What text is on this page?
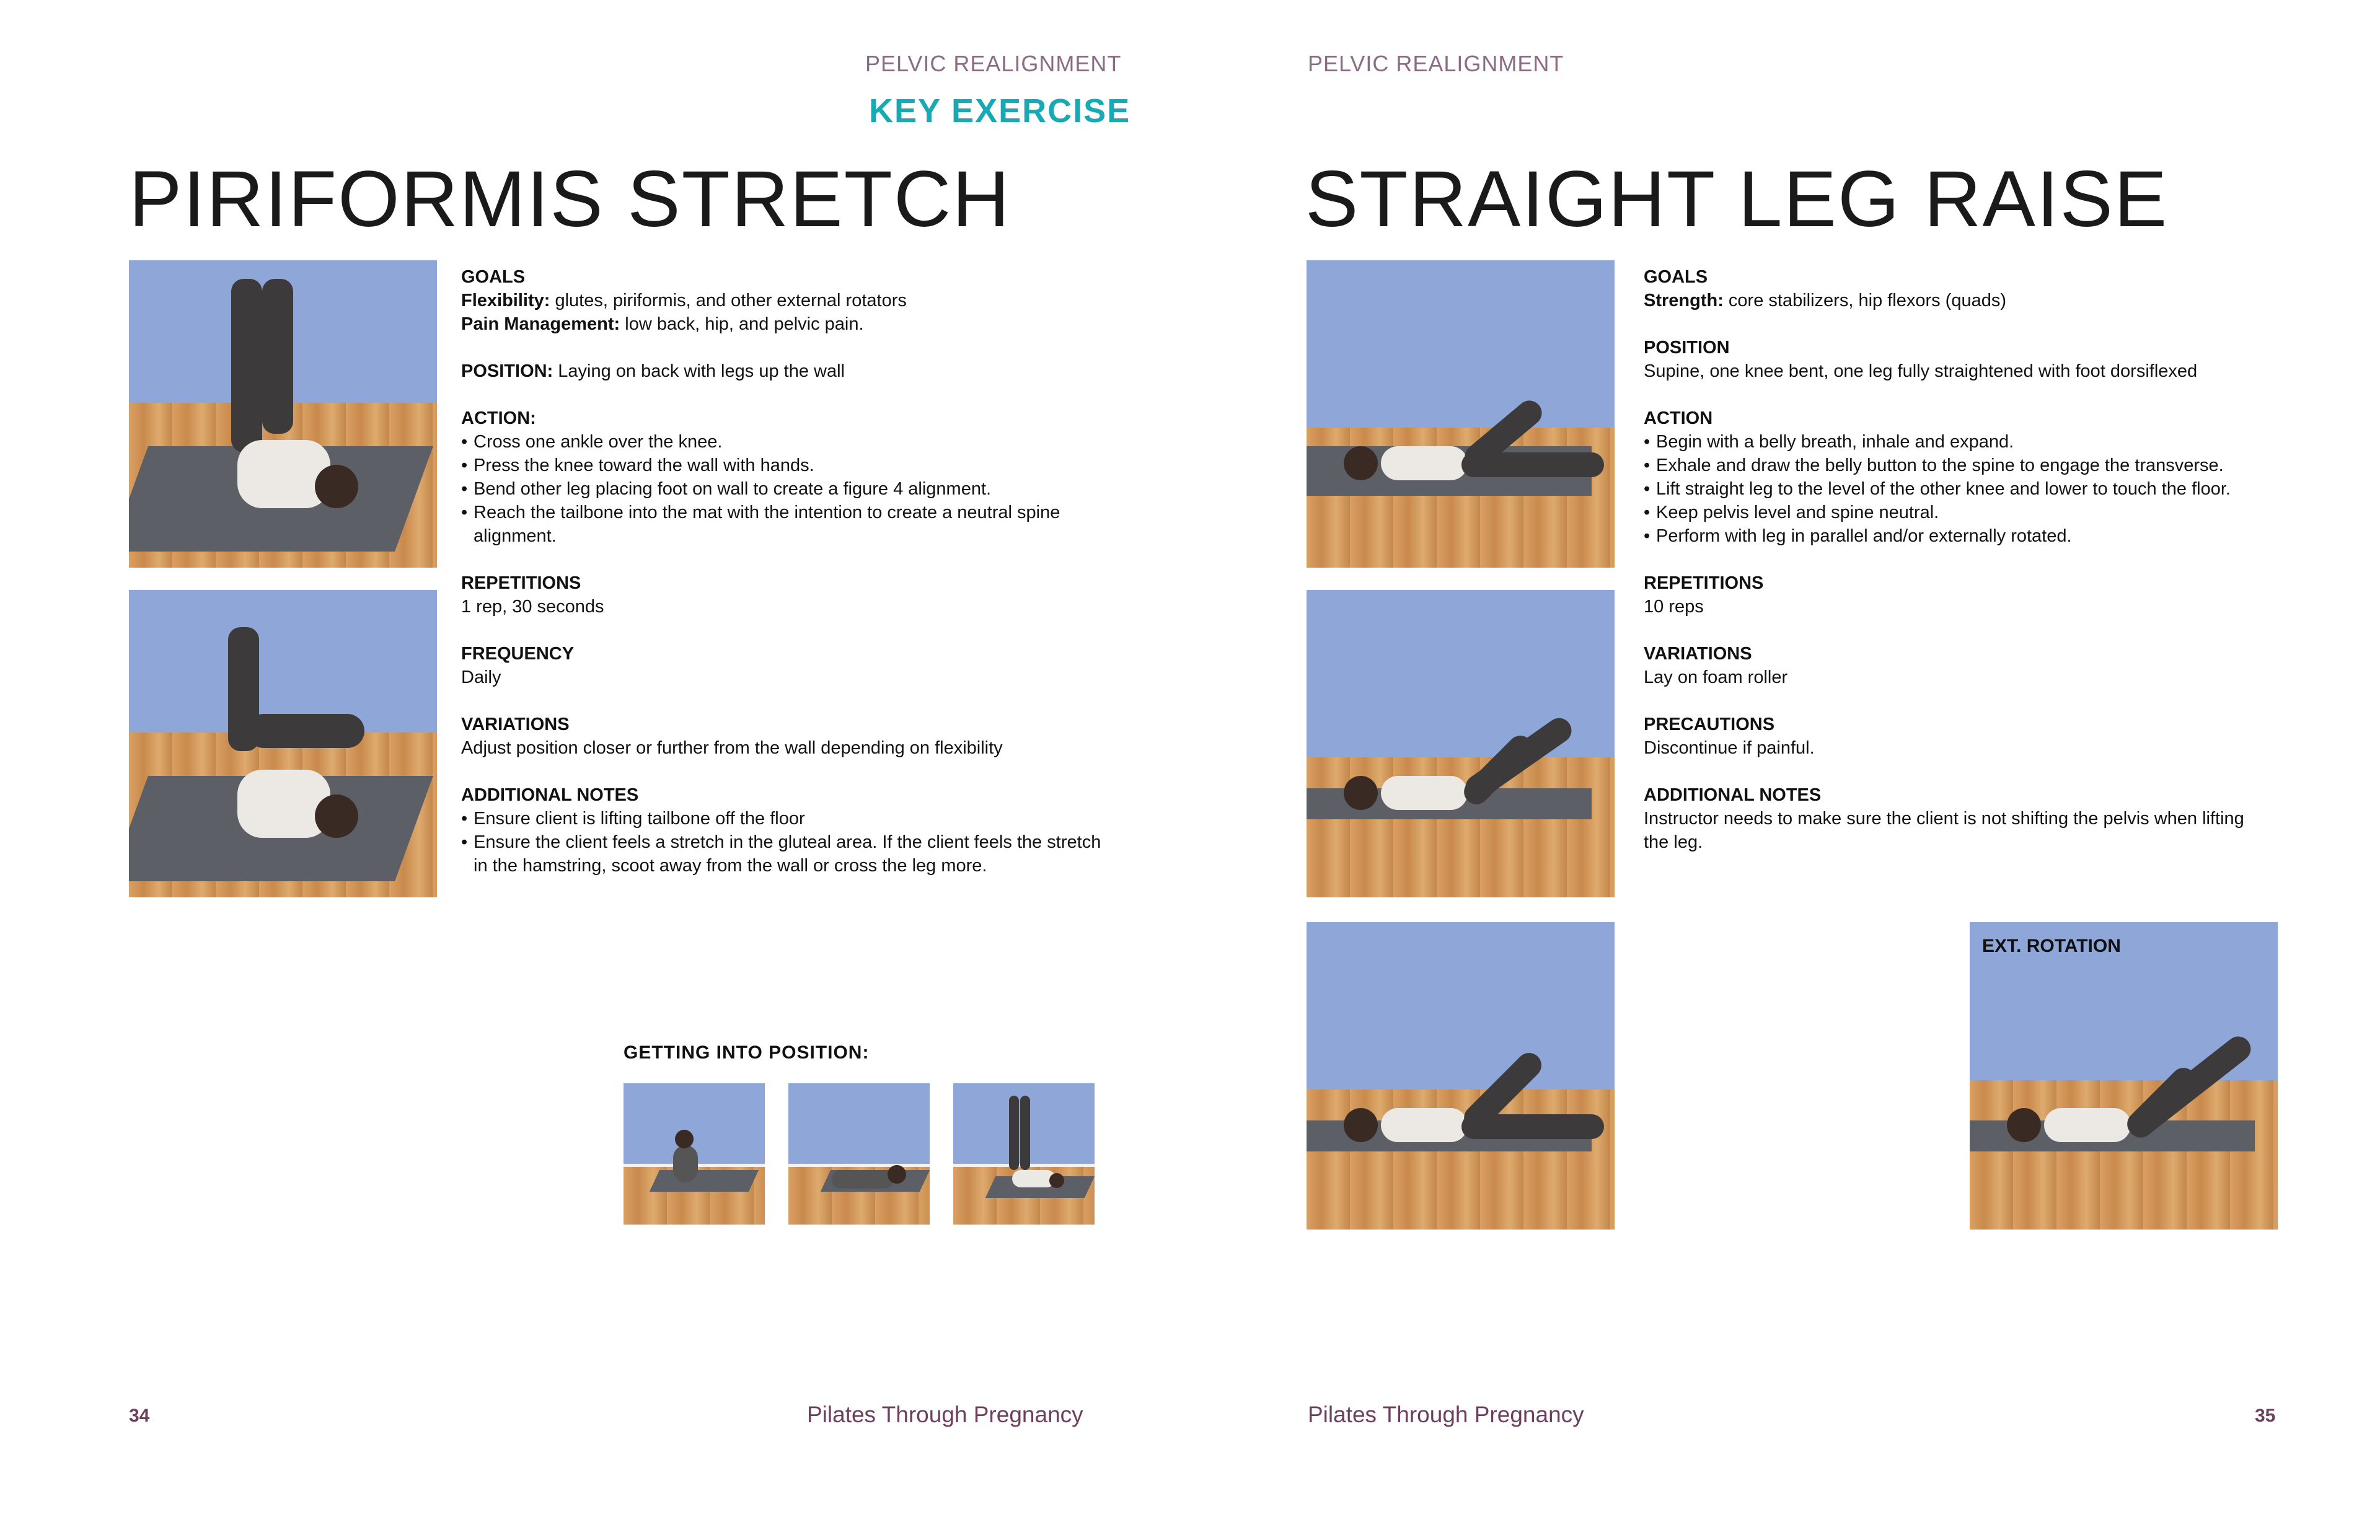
PELVIC REALIGNMENT
KEY EXERCISE
PIRIFORMIS STRETCH
GOALS
Flexibility: glutes, piriformis, and other external rotators
Pain Management: low back, hip, and pelvic pain.
POSITION: Laying on back with legs up the wall
ACTION:
• Cross one ankle over the knee.
• Press the knee toward the wall with hands.
• Bend other leg placing foot on wall to create a figure 4 alignment.
• Reach the tailbone into the mat with the intention to create a neutral spine alignment.
REPETITIONS
1 rep, 30 seconds
FREQUENCY
Daily
VARIATIONS
Adjust position closer or further from the wall depending on flexibility
ADDITIONAL NOTES
• Ensure client is lifting tailbone off the floor
• Ensure the client feels a stretch in the gluteal area. If the client feels the stretch in the hamstring, scoot away from the wall or cross the leg more.
GETTING INTO POSITION:
34	Pilates Through Pregnancy
PELVIC REALIGNMENT
STRAIGHT LEG RAISE
EXT. ROTATION
GOALS
Strength: core stabilizers, hip flexors (quads)
POSITION
Supine, one knee bent, one leg fully straightened with foot dorsiflexed
ACTION
• Begin with a belly breath, inhale and expand.
• Exhale and draw the belly button to the spine to engage the transverse.
• Lift straight leg to the level of the other knee and lower to touch the floor.
• Keep pelvis level and spine neutral.
• Perform with leg in parallel and/or externally rotated.
REPETITIONS
10 reps
VARIATIONS
Lay on foam roller
PRECAUTIONS
Discontinue if painful.
ADDITIONAL NOTES
Instructor needs to make sure the client is not shifting the pelvis when lifting the leg.
Pilates Through Pregnancy	35
